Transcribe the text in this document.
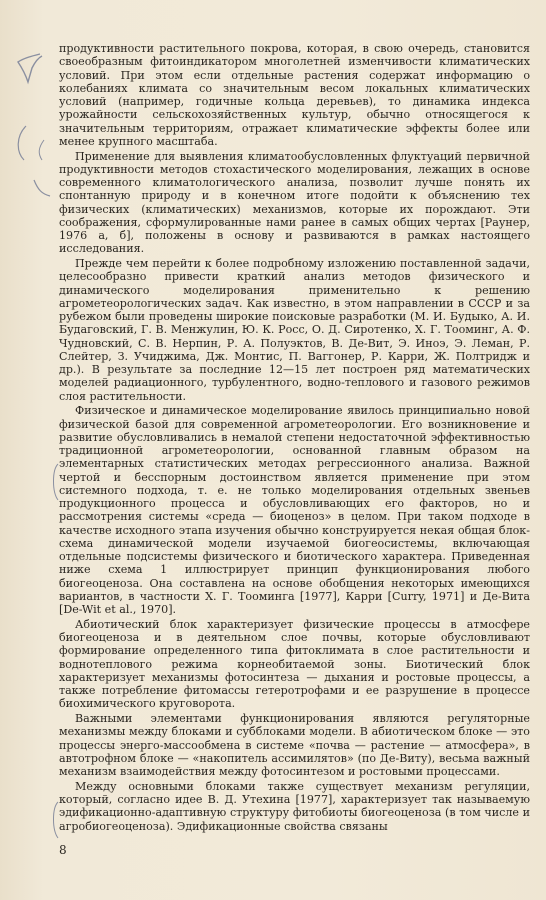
продуктивности растительного покрова, которая, в свою очередь, становится своеобразным фитоиндикатором многолетней изменчивости климатических условий. При этом если отдельные растения содержат информацию о колебаниях климата со значительным весом локальных климатических условий (например, годичные кольца деревьев), то динамика индекса урожайности сельскохозяйственных культур, обычно относящегося к значительным территориям, отражает климатические эффекты более или менее крупного масштаба.

Применение для выявления климатообусловленных флуктуаций первичной продуктивности методов стохастического моделирования, лежащих в основе современного климатологического анализа, позволит лучше понять их спонтанную природу и в конечном итоге подойти к объяснению тех физических (климатических) механизмов, которые их порождают. Эти соображения, сформулированные нами ранее в самых общих чертах [Раунер, 1976 а, б], положены в основу и развиваются в рамках настоящего исследования.

Прежде чем перейти к более подробному изложению поставленной задачи, целесообразно привести краткий анализ методов физического и динамического моделирования применительно к решению агрометеорологических задач. Как известно, в этом направлении в СССР и за рубежом были проведены широкие поисковые разработки (М. И. Будыко, А. И. Будаговский, Г. В. Менжулин, Ю. К. Росс, О. Д. Сиротенко, Х. Г. Тооминг, А. Ф. Чудновский, С. В. Нерпин, Р. А. Полуэктов, В. Де-Вит, Э. Инoэ, Э. Леман, Р. Слейтер, З. Учиджима, Дж. Монтис, П. Ваггонер, Р. Карри, Ж. Полтридж и др.). В результате за последние 12—15 лет построен ряд математических моделей радиационного, турбулентного, водно-теплового и газового режимов слоя растительности.

Физическое и динамическое моделирование явилось принципиально новой физической базой для современной агрометеорологии. Его возникновение и развитие обусловливались в немалой степени недостаточной эффективностью традиционной агрометеорологии, основанной главным образом на элементарных статистических методах регрессионного анализа. Важной чертой и бесспорным достоинством является применение при этом системного подхода, т. е. не только моделирования отдельных звеньев продукционного процесса и обусловливающих его факторов, но и рассмотрения системы «среда — биоценоз» в целом. При таком подходе в качестве исходного этапа изучения обычно конструируется некая общая блок-схема динамической модели изучаемой биогеосистемы, включающая отдельные подсистемы физического и биотического характера. Приведенная ниже схема 1 иллюстрирует принцип функционирования любого биогеоценоза. Она составлена на основе обобщения некоторых имеющихся вариантов, в частности Х. Г. Тооминга [1977], Карри [Curry, 1971] и Де-Вита [De-Wit et al., 1970].

Абиотический блок характеризует физические процессы в атмосфере биогеоценоза и в деятельном слое почвы, которые обусловливают формирование определенного типа фитоклимата в слое растительности и воднотеплового режима корнеобитаемой зоны. Биотический блок характеризует механизмы фотосинтеза — дыхания и ростовые процессы, а также потребление фитомассы гетеротрофами и ее разрушение в процессе биохимического круговорота.

Важными элементами функционирования являются регуляторные механизмы между блоками и субблоками модели. В абиотическом блоке — это процессы энерго-массообмена в системе «почва — растение — атмосфера», в автотрофном блоке — «накопитель ассимилятов» (по Де-Виту), весьма важный механизм взаимодействия между фотосинтезом и ростовыми процессами.

Между основными блоками также существует механизм регуляции, который, согласно идее В. Д. Утехина [1977], характеризует так называемую эдификационно-адаптивную структуру фитобиоты биогеоценоза (в том числе и агробиогеоценоза). Эдификационные свойства связаны

8
